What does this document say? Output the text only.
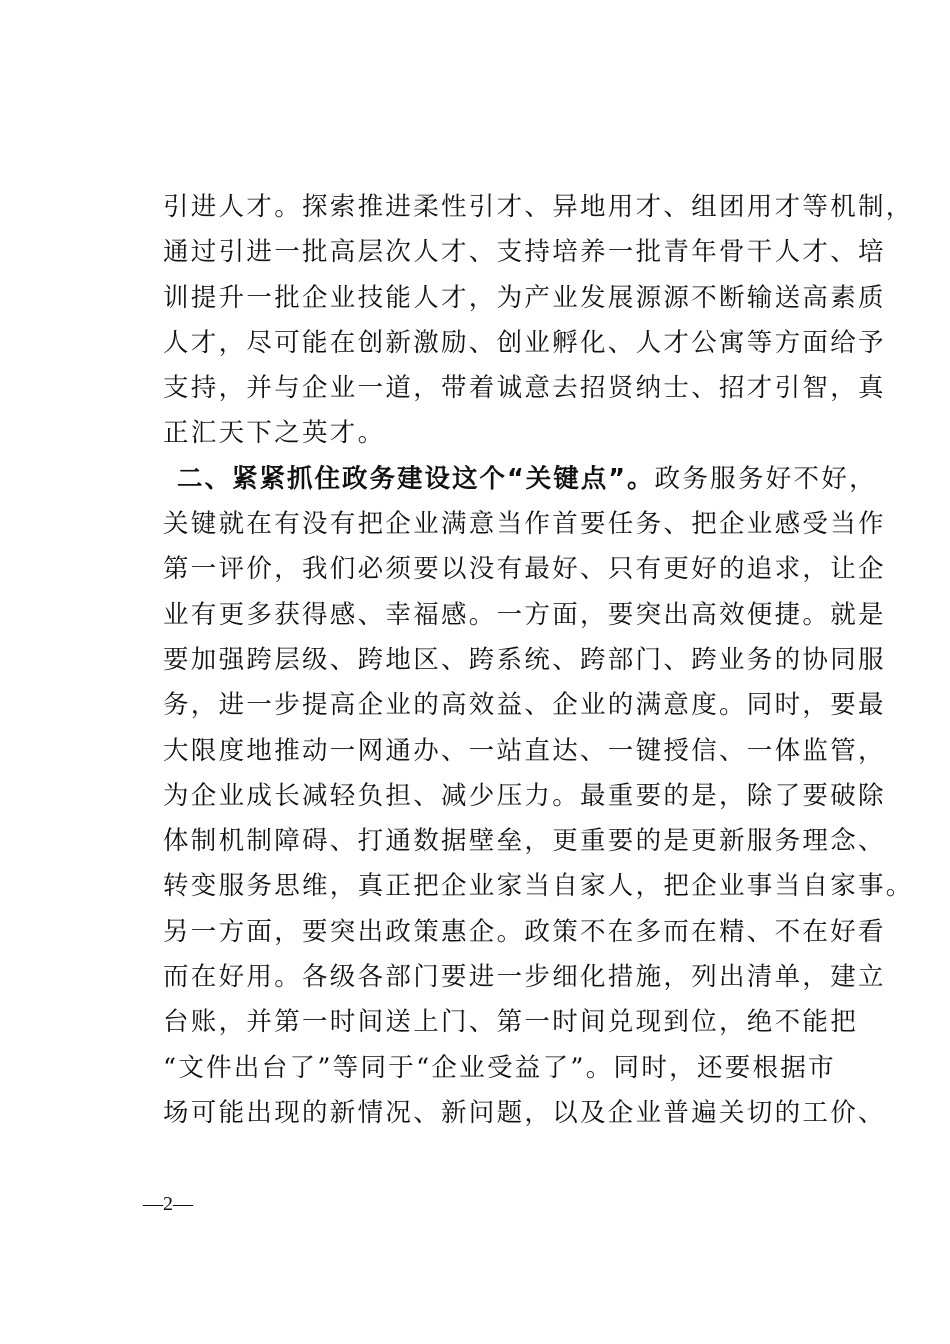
引进人才。探索推进柔性引才、异地用才、组团用才等机制，
通过引进一批高层次人才、支持培养一批青年骨干人才、培
训提升一批企业技能人才，为产业发展源源不断输送高素质
人才，尽可能在创新激励、创业孵化、人才公寓等方面给予
支持，并与企业一道，带着诚意去招贤纳士、招才引智，真
正汇天下之英才。
二、紧紧抓住政务建设这个“关键点”。政务服务好不好，
关键就在有没有把企业满意当作首要任务、把企业感受当作
第一评价，我们必须要以没有最好、只有更好的追求，让企
业有更多获得感、幸福感。一方面，要突出高效便捷。就是
要加强跨层级、跨地区、跨系统、跨部门、跨业务的协同服
务，进一步提高企业的高效益、企业的满意度。同时，要最
大限度地推动一网通办、一站直达、一键授信、一体监管，
为企业成长减轻负担、减少压力。最重要的是，除了要破除
体制机制障碍、打通数据壁垒，更重要的是更新服务理念、
转变服务思维，真正把企业家当自家人，把企业事当自家事。
另一方面，要突出政策惠企。政策不在多而在精、不在好看
而在好用。各级各部门要进一步细化措施，列出清单，建立
台账，并第一时间送上门、第一时间兑现到位，绝不能把
“文件出台了”等同于“企业受益了”。同时，还要根据市
场可能出现的新情况、新问题，以及企业普遍关切的工价、
—2—
